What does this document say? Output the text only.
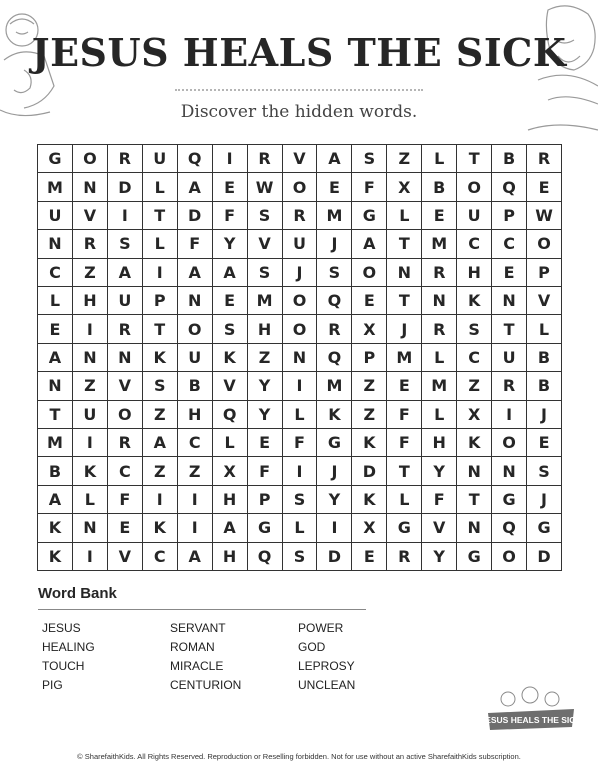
JESUS HEALS THE SICK
Discover the hidden words.
G	O	R	U	Q	I	R	V	A	S	Z	L	T	B	R
M	N	D	L	A	E	W	O	E	F	X	B	O	Q	E
U	V	I	T	D	F	S	R	M	G	L	E	U	P	W
N	R	S	L	F	Y	V	U	J	A	T	M	C	C	O
C	Z	A	I	A	A	S	J	S	O	N	R	H	E	P
L	H	U	P	N	E	M	O	Q	E	T	N	K	N	V
E	I	R	T	O	S	H	O	R	X	J	R	S	T	L
A	N	N	K	U	K	Z	N	Q	P	M	L	C	U	B
N	Z	V	S	B	V	Y	I	M	Z	E	M	Z	R	B
T	U	O	Z	H	Q	Y	L	K	Z	F	L	X	I	J
M	I	R	A	C	L	E	F	G	K	F	H	K	O	E
B	K	C	Z	Z	X	F	I	J	D	T	Y	N	N	S
A	L	F	I	I	H	P	S	Y	K	L	F	T	G	J
K	N	E	K	I	A	G	L	I	X	G	V	N	Q	G
K	I	V	C	A	H	Q	S	D	E	R	Y	G	O	D
Word Bank
JESUS	SERVANT	POWER
HEALING	ROMAN	GOD
TOUCH	MIRACLE	LEPROSY
PIG	CENTURION	UNCLEAN
JESUS HEALS THE SICK
© SharefaithKids. All Rights Reserved. Reproduction or Reselling forbidden. Not for use without an active SharefaithKids subscription.
